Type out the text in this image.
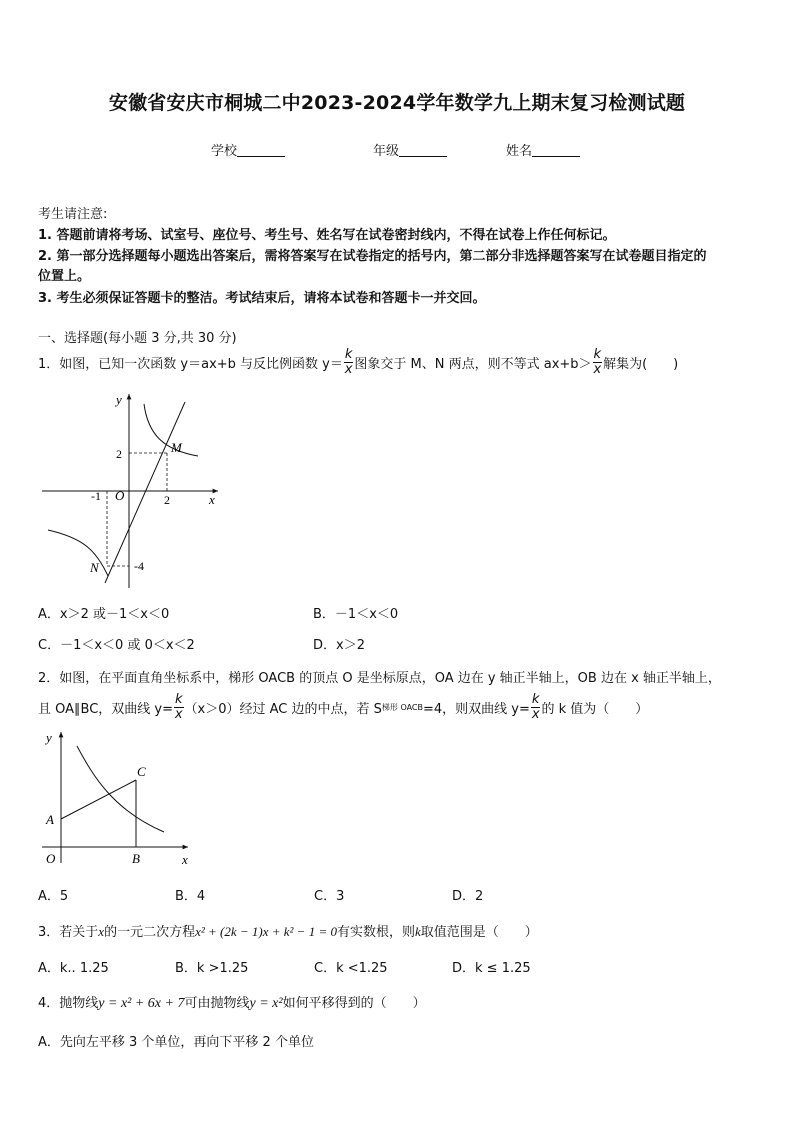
安徽省安庆市桐城二中2023-2024学年数学九上期末复习检测试题
学校	年级	姓名
考生请注意:
1. 答题前请将考场、试室号、座位号、考生号、姓名写在试卷密封线内，不得在试卷上作任何标记。
2. 第一部分选择题每小题选出答案后，需将答案写在试卷指定的括号内，第二部分非选择题答案写在试卷题目指定的
位置上。
3. 考生必须保证答题卡的整洁。考试结束后，请将本试卷和答题卡一并交回。
一、选择题(每小题 3 分,共 30 分)
1．如图，已知一次函数 y＝ax+b 与反比例函数 $y= \frac{k}{x}$ 图象交于 M、N 两点，则不等式 $ax+b> \frac{k}{x}$ 解集为(　　)
y
x
O
M
N
2
2
-1
-4
A．x＞2 或－1＜x＜0	B．－1＜x＜0
C．－1＜x＜0 或 0＜x＜2	D．x＞2
2．如图，在平面直角坐标系中，梯形 OACB 的顶点 O 是坐标原点，OA 边在 y 轴正半轴上，OB 边在 x 轴正半轴上，
且 OA∥BC，双曲线 $y= \frac{k}{x} (x>0)$经过 AC 边的中点，若 S 梯形 OACB =4，则双曲线 $y= \frac{k}{x}$ 的 k 值为（　　）
y
x
O
A
B
C
A．5	B．4	C．3	D．2
3．若关于x的一元二次方程x² + (2k − 1)x + k² − 1 = 0有实数根，则k取值范围是（　　）
A．k.. 1.25	B．k >1.25	C．k <1.25	D．k ≤ 1.25
4．抛物线y = x² + 6x + 7可由抛物线y = x²如何平移得到的（　　）
A．先向左平移 3 个单位，再向下平移 2 个单位
